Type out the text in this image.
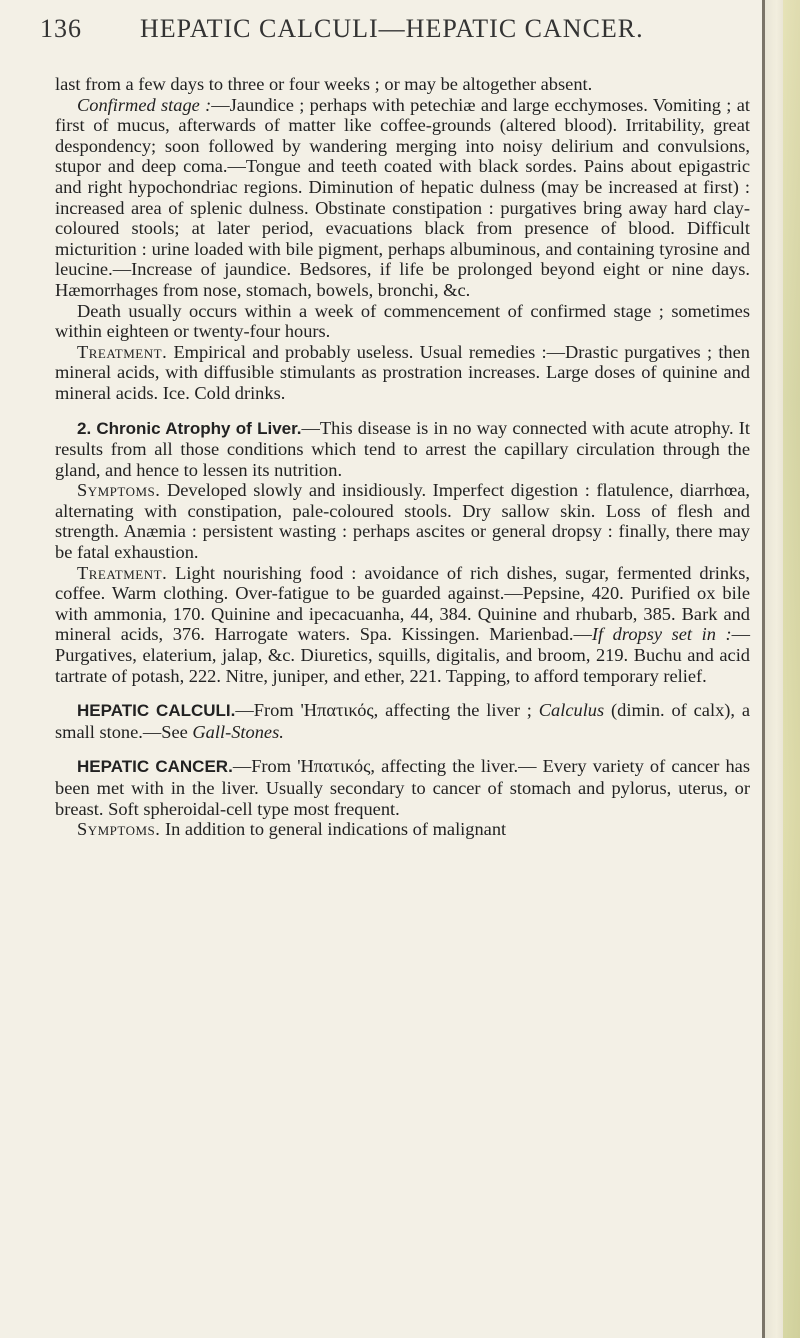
136 HEPATIC CALCULI—HEPATIC CANCER.

last from a few days to three or four weeks ; or may be altogether absent.

Confirmed stage :—Jaundice ; perhaps with petechiæ and large ecchymoses. Vomiting ; at first of mucus, afterwards of matter like coffee-grounds (altered blood). Irritability, great despondency; soon followed by wandering merging into noisy delirium and convulsions, stupor and deep coma.—Tongue and teeth coated with black sordes. Pains about epigastric and right hypochondriac regions. Diminution of hepatic dulness (may be increased at first) : increased area of splenic dulness. Obstinate constipation : purgatives bring away hard clay-coloured stools; at later period, evacuations black from presence of blood. Difficult micturition : urine loaded with bile pigment, perhaps albuminous, and containing tyrosine and leucine.—Increase of jaundice. Bedsores, if life be prolonged beyond eight or nine days. Hæmorrhages from nose, stomach, bowels, bronchi, &c.

Death usually occurs within a week of commencement of confirmed stage ; sometimes within eighteen or twenty-four hours.

Treatment. Empirical and probably useless. Usual remedies :—Drastic purgatives ; then mineral acids, with diffusible stimulants as prostration increases. Large doses of quinine and mineral acids. Ice. Cold drinks.

2. Chronic Atrophy of Liver.—This disease is in no way connected with acute atrophy. It results from all those conditions which tend to arrest the capillary circulation through the gland, and hence to lessen its nutrition.

Symptoms. Developed slowly and insidiously. Imperfect digestion : flatulence, diarrhœa, alternating with constipation, pale-coloured stools. Dry sallow skin. Loss of flesh and strength. Anæmia : persistent wasting : perhaps ascites or general dropsy : finally, there may be fatal exhaustion.

Treatment. Light nourishing food : avoidance of rich dishes, sugar, fermented drinks, coffee. Warm clothing. Over-fatigue to be guarded against.—Pepsine, 420. Purified ox bile with ammonia, 170. Quinine and ipecacuanha, 44, 384. Quinine and rhubarb, 385. Bark and mineral acids, 376. Harrogate waters. Spa. Kissingen. Marienbad.—If dropsy set in :—Purgatives, elaterium, jalap, &c. Diuretics, squills, digitalis, and broom, 219. Buchu and acid tartrate of potash, 222. Nitre, juniper, and ether, 221. Tapping, to afford temporary relief.

HEPATIC CALCULI.—From 'Ηπατικός, affecting the liver ; Calculus (dimin. of calx), a small stone.—See Gall-Stones.

HEPATIC CANCER.—From 'Ηπατικός, affecting the liver.— Every variety of cancer has been met with in the liver. Usually secondary to cancer of stomach and pylorus, uterus, or breast. Soft spheroidal-cell type most frequent.

Symptoms. In addition to general indications of malignant
